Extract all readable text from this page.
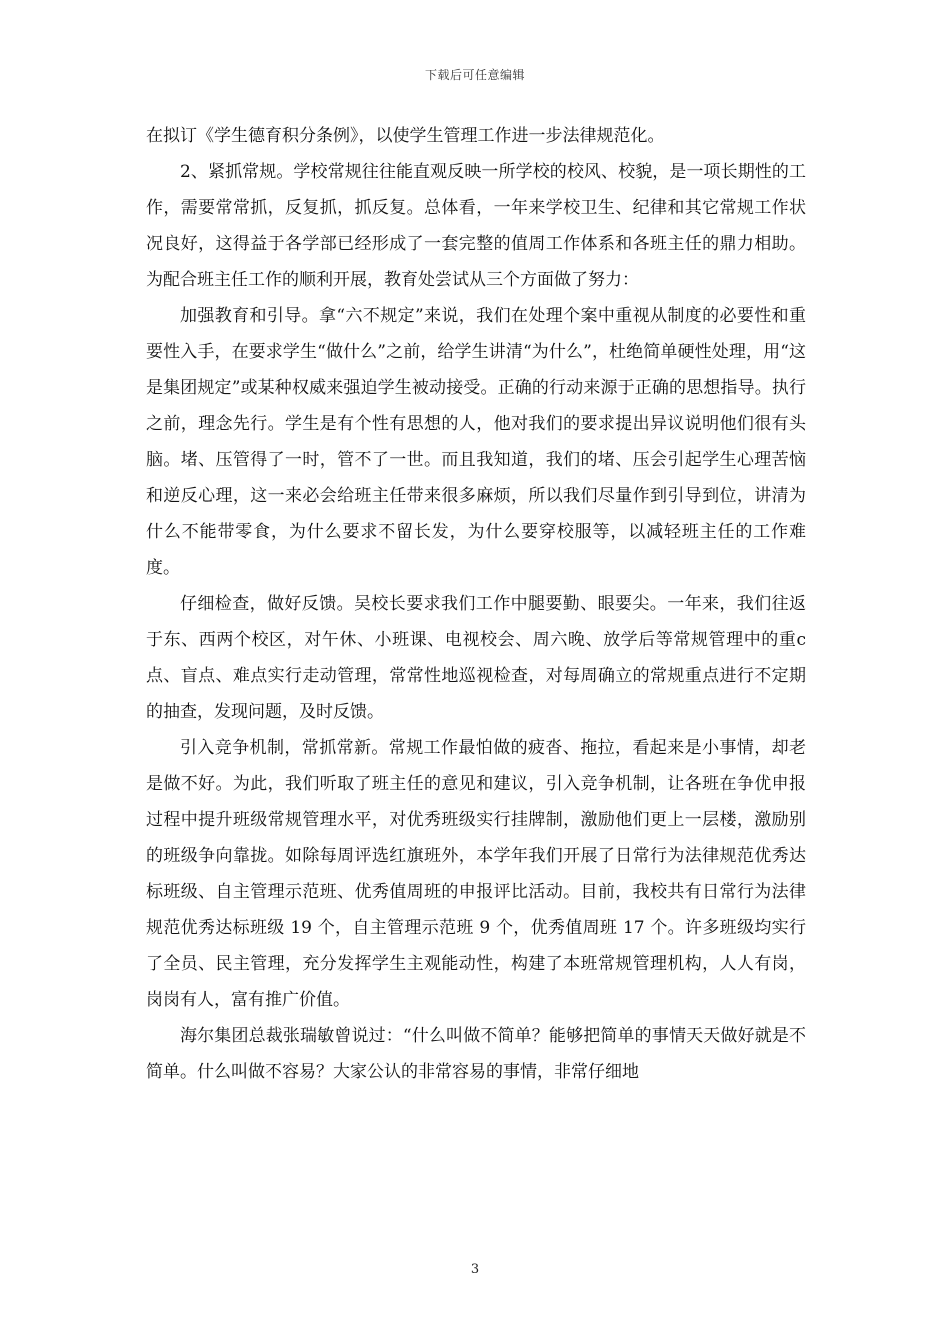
下载后可任意编辑

在拟订《学生德育积分条例》，以使学生管理工作进一步法律规范化。

2、紧抓常规。学校常规往往能直观反映一所学校的校风、校貌，是一项长期性的工作，需要常常抓，反复抓，抓反复。总体看，一年来学校卫生、纪律和其它常规工作状况良好，这得益于各学部已经形成了一套完整的值周工作体系和各班主任的鼎力相助。为配合班主任工作的顺利开展，教育处尝试从三个方面做了努力：

加强教育和引导。拿“六不规定”来说，我们在处理个案中重视从制度的必要性和重要性入手，在要求学生“做什么”之前，给学生讲清“为什么”，杜绝简单硬性处理，用“这是集团规定”或某种权威来强迫学生被动接受。正确的行动来源于正确的思想指导。执行之前，理念先行。学生是有个性有思想的人，他对我们的要求提出异议说明他们很有头脑。堵、压管得了一时，管不了一世。而且我知道，我们的堵、压会引起学生心理苦恼和逆反心理，这一来必会给班主任带来很多麻烦，所以我们尽量作到引导到位，讲清为什么不能带零食，为什么要求不留长发，为什么要穿校服等，以减轻班主任的工作难度。

仔细检查，做好反馈。吴校长要求我们工作中腿要勤、眼要尖。一年来，我们往返于东、西两个校区，对午休、小班课、电视校会、周六晚、放学后等常规管理中的重c点、盲点、难点实行走动管理，常常性地巡视检查，对每周确立的常规重点进行不定期的抽查，发现问题，及时反馈。

引入竞争机制，常抓常新。常规工作最怕做的疲沓、拖拉，看起来是小事情，却老是做不好。为此，我们听取了班主任的意见和建议，引入竞争机制，让各班在争优申报过程中提升班级常规管理水平，对优秀班级实行挂牌制，激励他们更上一层楼，激励别的班级争向靠拢。如除每周评选红旗班外，本学年我们开展了日常行为法律规范优秀达标班级、自主管理示范班、优秀值周班的申报评比活动。目前，我校共有日常行为法律规范优秀达标班级 19 个，自主管理示范班 9 个，优秀值周班 17 个。许多班级均实行了全员、民主管理，充分发挥学生主观能动性，构建了本班常规管理机构，人人有岗，岗岗有人，富有推广价值。

海尔集团总裁张瑞敏曾说过：“什么叫做不简单？能够把简单的事情天天做好就是不简单。什么叫做不容易？大家公认的非常容易的事情，非常仔细地

3
